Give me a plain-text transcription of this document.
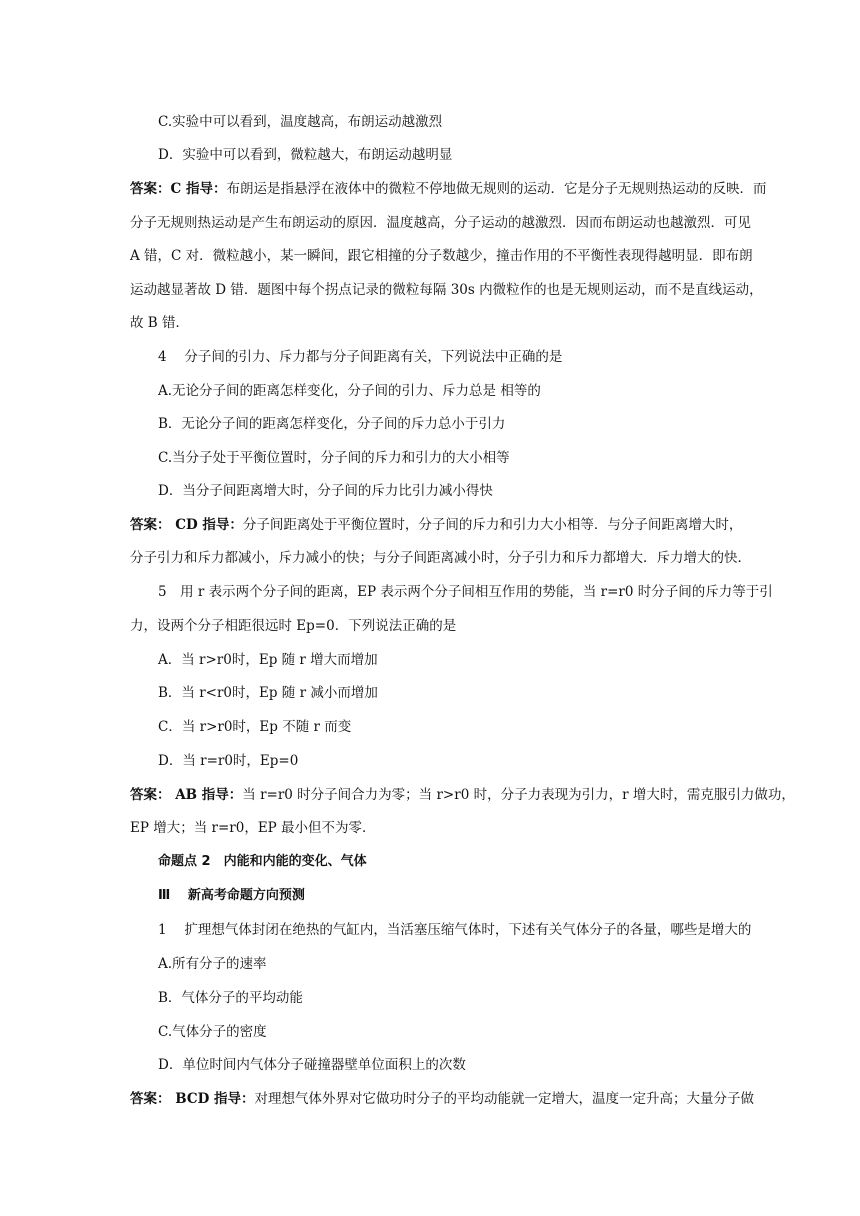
C.实验中可以看到，温度越高，布朗运动越激烈
D．实验中可以看到，微粒越大，布朗运动越明显
答案：C 指导：布朗运是指悬浮在液体中的微粒不停地做无规则的运动．它是分子无规则热运动的反映．而
分子无规则热运动是产生布朗运动的原因．温度越高，分子运动的越激烈．因而布朗运动也越激烈．可见
A 错，C 对．微粒越小，某一瞬间，跟它相撞的分子数越少，撞击作用的不平衡性表现得越明显．即布朗
运动越显著故 D 错．题图中每个拐点记录的微粒每隔 30s 内微粒作的也是无规则运动，而不是直线运动，
故 B 错．
4　 分子间的引力、斥力都与分子间距离有关，下列说法中正确的是
A.无论分子间的距离怎样变化，分子间的引力、斥力总是 相等的
B．无论分子间的距离怎样变化，分子间的斥力总小于引力
C.当分子处于平衡位置时，分子间的斥力和引力的大小相等
D．当分子间距离增大时，分子间的斥力比引力减小得快
答案： CD 指导：分子间距离处于平衡位置时，分子间的斥力和引力大小相等．与分子间距离增大时，
分子引力和斥力都减小，斥力减小的快；与分子间距离减小时，分子引力和斥力都增大．斥力增大的快．
5　用 r 表示两个分子间的距离，EP 表示两个分子间相互作用的势能，当 r=r0 时分子间的斥力等于引
力，设两个分子相距很远时 Ep=0．下列说法正确的是
A．当 r>r0时，Ep 随 r 增大而增加
B．当 r<r0时，Ep 随 r 减小而增加
C．当 r>r0时，Ep 不随 r 而变
D．当 r=r0时，Ep=0
答案： AB 指导：当 r=r0 时分子间合力为零；当 r>r0 时，分子力表现为引力，r 增大时，需克服引力做功，
EP 增大；当 r=r0，EP 最小但不为零．
命题点 2　内能和内能的变化、气体
Ⅲ　 新高考命题方向预测
1　 扩理想气体封闭在绝热的气缸内，当活塞压缩气体时，下述有关气体分子的各量，哪些是增大的
A.所有分子的速率
B．气体分子的平均动能
C.气体分子的密度
D．单位时间内气体分子碰撞器壁单位面积上的次数
答案： BCD 指导：对理想气体外界对它做功时分子的平均动能就一定增大，温度一定升高；大量分子做
